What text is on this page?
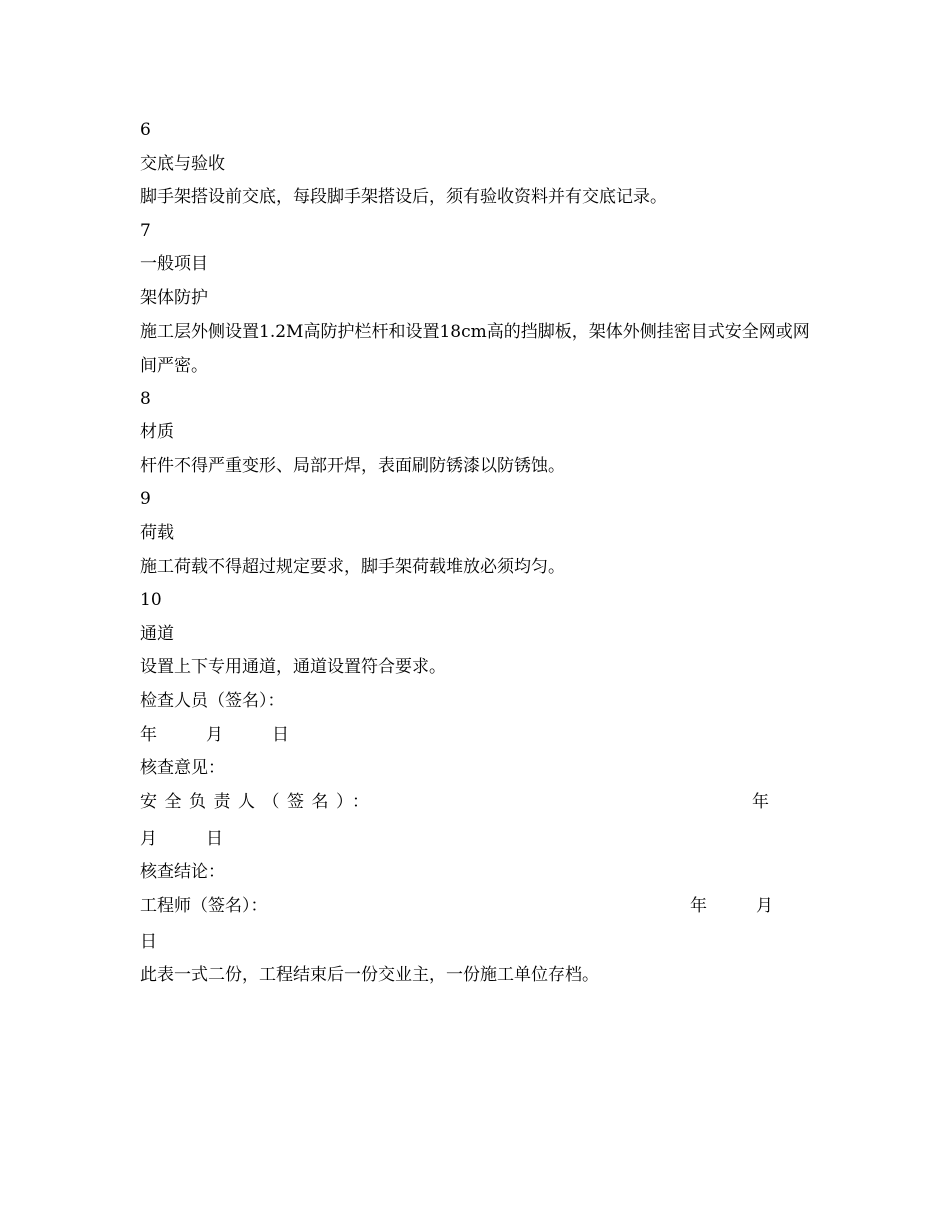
6
交底与验收
脚手架搭设前交底，每段脚手架搭设后，须有验收资料并有交底记录。
7
一般项目
架体防护
施工层外侧设置1.2M高防护栏杆和设置18cm高的挡脚板，架体外侧挂密目式安全网或网间严密。
8
材质
杆件不得严重变形、局部开焊，表面刷防锈漆以防锈蚀。
9
荷载
施工荷载不得超过规定要求，脚手架荷载堆放必须均匀。
10
通道
设置上下专用通道，通道设置符合要求。
检查人员（签名）：
年	月	日
核查意见：
安全负责人（签名）：	年
月	日
核查结论：
工程师（签名）：	年	月
日
此表一式二份，工程结束后一份交业主，一份施工单位存档。
